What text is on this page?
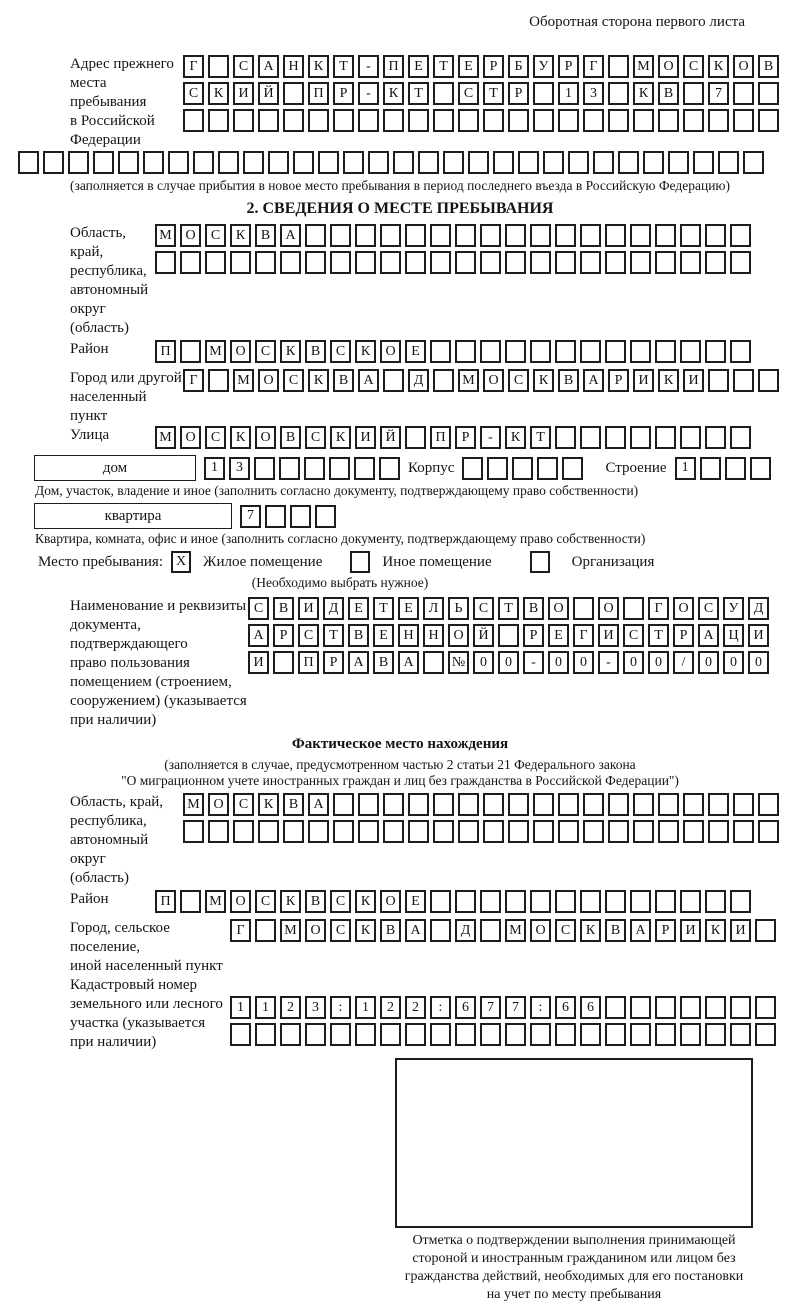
Оборотная сторона первого листа
Адрес прежнего
места пребывания
в Российской
Федерации
Г	С	А	Н	К	Т	-	П	Е	Т	Е	Р	Б	У	Р	Г	М О	С	К	О	В
С	К	И	Й	П	Р	-	К	Т	С	Т	Р	1	3	К	В	7
(заполняется в случае прибытия в новое место пребывания в период последнего въезда в Российскую Федерацию)
2. СВЕДЕНИЯ О МЕСТЕ ПРЕБЫВАНИЯ
Область, край,
республика,
автономный
округ (область)
М О	С	К	В	А
Район	П	М О	С	К	В	С	К	О	Е
Город или другой
населенный пункт
Г	М О	С	К	В	А	Д	М О	С	К	В	А	Р	И	К	И
Улица	М О	С	К	О	В	С	К	И	Й	П	Р	-	К	Т
дом	1	3	Корпус	Строение	1
Дом, участок, владение и иное (заполнить согласно документу, подтверждающему право собственности)
квартира	7
Квартира, комната, офис и иное (заполнить согласно документу, подтверждающему право собственности)
Место пребывания: X	Жилое помещение	Иное помещение	Организация
(Необходимо выбрать нужное)
Наименование и реквизиты
документа, подтверждающего
право пользования
помещением (строением,
сооружением) (указывается
при наличии)
С	В	И	Д	Е	Т	Е	Л	Ь	С	Т	В	О	О	Г	О	С	У	Д
А	Р	С	Т	В	Е	Н	Н	О	Й	Р	Е	Г	И	С	Т	Р	А	Ц	И
И	П	Р	А	В	А	№	0	0	-	0	0	-	0	0	/	0	0	0
Фактическое место нахождения
(заполняется в случае, предусмотренном частью 2 статьи 21 Федерального закона
"О миграционном учете иностранных граждан и лиц без гражданства в Российской Федерации")
Область, край,
республика,
автономный округ
(область)
М О	С	К	В	А
Район	П	М О	С	К	В	С	К	О	Е
Город, сельское поселение,
иной населенный пункт
Г	М О	С	К	В	А	Д	М О	С	К	В	А	Р	И	К	И
Кадастровый номер
земельного или лесного
участка (указывается
при наличии)
1	1	2	3	:	1	2	2	:	6	7	7	:	6	6
Отметка о подтверждении выполнения принимающей
стороной и иностранным гражданином или лицом без
гражданства действий, необходимых для его постановки
на учет по месту пребывания
